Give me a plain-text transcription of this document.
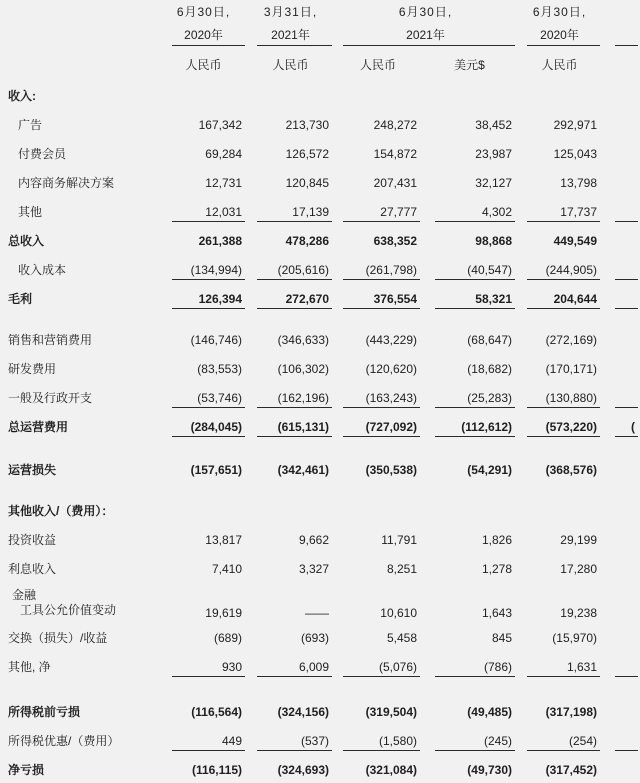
6月30日,	3月31日,	6月30日,	6月30日,
2020年	2021年	2021年	2020年
人民币	人民币	人民币	美元$	人民币
收入:
广告	167,342	213,730	248,272	38,452	292,971
付费会员	69,284	126,572	154,872	23,987	125,043
内容商务解决方案	12,731	120,845	207,431	32,127	13,798
其他	12,031	17,139	27,777	4,302	17,737
总收入	261,388	478,286	638,352	98,868	449,549
收入成本	(134,994)	(205,616)	(261,798)	(40,547)	(244,905)
毛利	126,394	272,670	376,554	58,321	204,644
销售和营销费用	(146,746)	(346,633)	(443,229)	(68,647)	(272,169)
研发费用	(83,553)	(106,302)	(120,620)	(18,682)	(170,171)
一般及行政开支	(53,746)	(162,196)	(163,243)	(25,283)	(130,880)
总运营费用	(284,045)	(615,131)	(727,092)	(112,612)	(573,220)	(
运营损失	(157,651)	(342,461)	(350,538)	(54,291)	(368,576)
其他收入/（费用）：
投资收益	13,817	9,662	11,791	1,826	29,199
利息收入	7,410	3,327	8,251	1,278	17,280
金融
工具公允价值变动	19,619	——	10,610	1,643	19,238
交换（损失）/收益	(689)	(693)	5,458	845	(15,970)
其他, 净	930	6,009	(5,076)	(786)	1,631
所得税前亏损	(116,564)	(324,156)	(319,504)	(49,485)	(317,198)
所得税优惠/（费用）	449	(537)	(1,580)	(245)	(254)
净亏损	(116,115)	(324,693)	(321,084)	(49,730)	(317,452)
